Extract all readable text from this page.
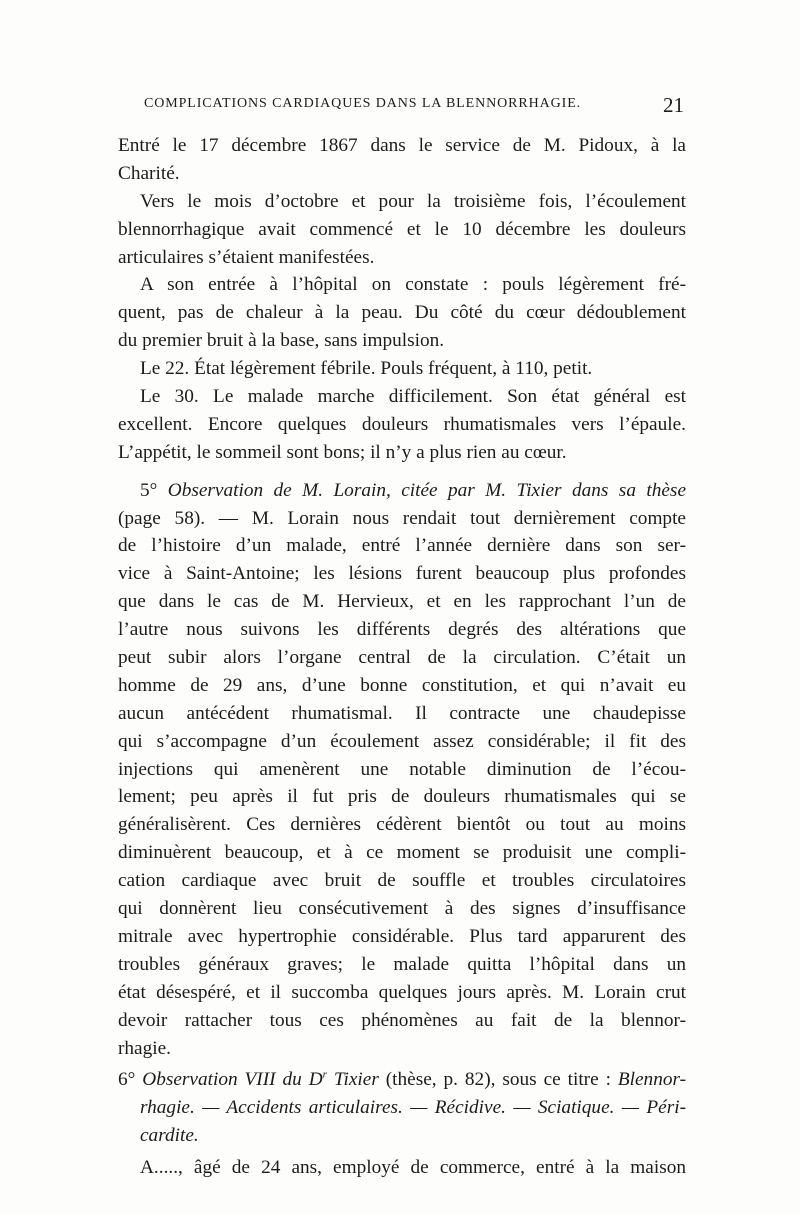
COMPLICATIONS CARDIAQUES DANS LA BLENNORRHAGIE.	21
Entré le 17 décembre 1867 dans le service de M. Pidoux, à la
Charité.
Vers le mois d’octobre et pour la troisième fois, l’écoulement
blennorrhagique avait commencé et le 10 décembre les douleurs
articulaires s’étaient manifestées.
A son entrée à l’hôpital on constate : pouls légèrement fré-
quent, pas de chaleur à la peau. Du côté du cœur dédoublement
du premier bruit à la base, sans impulsion.
Le 22. État légèrement fébrile. Pouls fréquent, à 110, petit.
Le 30. Le malade marche difficilement. Son état général est
excellent. Encore quelques douleurs rhumatismales vers l’épaule.
L’appétit, le sommeil sont bons; il n’y a plus rien au cœur.
5° Observation de M. Lorain, citée par M. Tixier dans sa thèse
(page 58). — M. Lorain nous rendait tout dernièrement compte
de l’histoire d’un malade, entré l’année dernière dans son ser-
vice à Saint-Antoine; les lésions furent beaucoup plus profondes
que dans le cas de M. Hervieux, et en les rapprochant l’un de
l’autre nous suivons les différents degrés des altérations que
peut subir alors l’organe central de la circulation. C’était un
homme de 29 ans, d’une bonne constitution, et qui n’avait eu
aucun antécédent rhumatismal. Il contracte une chaudepisse
qui s’accompagne d’un écoulement assez considérable; il fit des
injections qui amenèrent une notable diminution de l’écou-
lement; peu après il fut pris de douleurs rhumatismales qui se
généralisèrent. Ces dernières cédèrent bientôt ou tout au moins
diminuèrent beaucoup, et à ce moment se produisit une compli-
cation cardiaque avec bruit de souffle et troubles circulatoires
qui donnèrent lieu consécutivement à des signes d’insuffisance
mitrale avec hypertrophie considérable. Plus tard apparurent des
troubles généraux graves; le malade quitta l’hôpital dans un
état désespéré, et il succomba quelques jours après. M. Lorain crut
devoir rattacher tous ces phénomènes au fait de la blennor-
rhagie.
6° Observation VIII du $D^r$ Tixier (thèse, p. 82), sous ce titre : Blennor-
rhagie. — Accidents articulaires. — Récidive. — Sciatique. — Péri-
cardite.
A....., âgé de 24 ans, employé de commerce, entré à la maison
